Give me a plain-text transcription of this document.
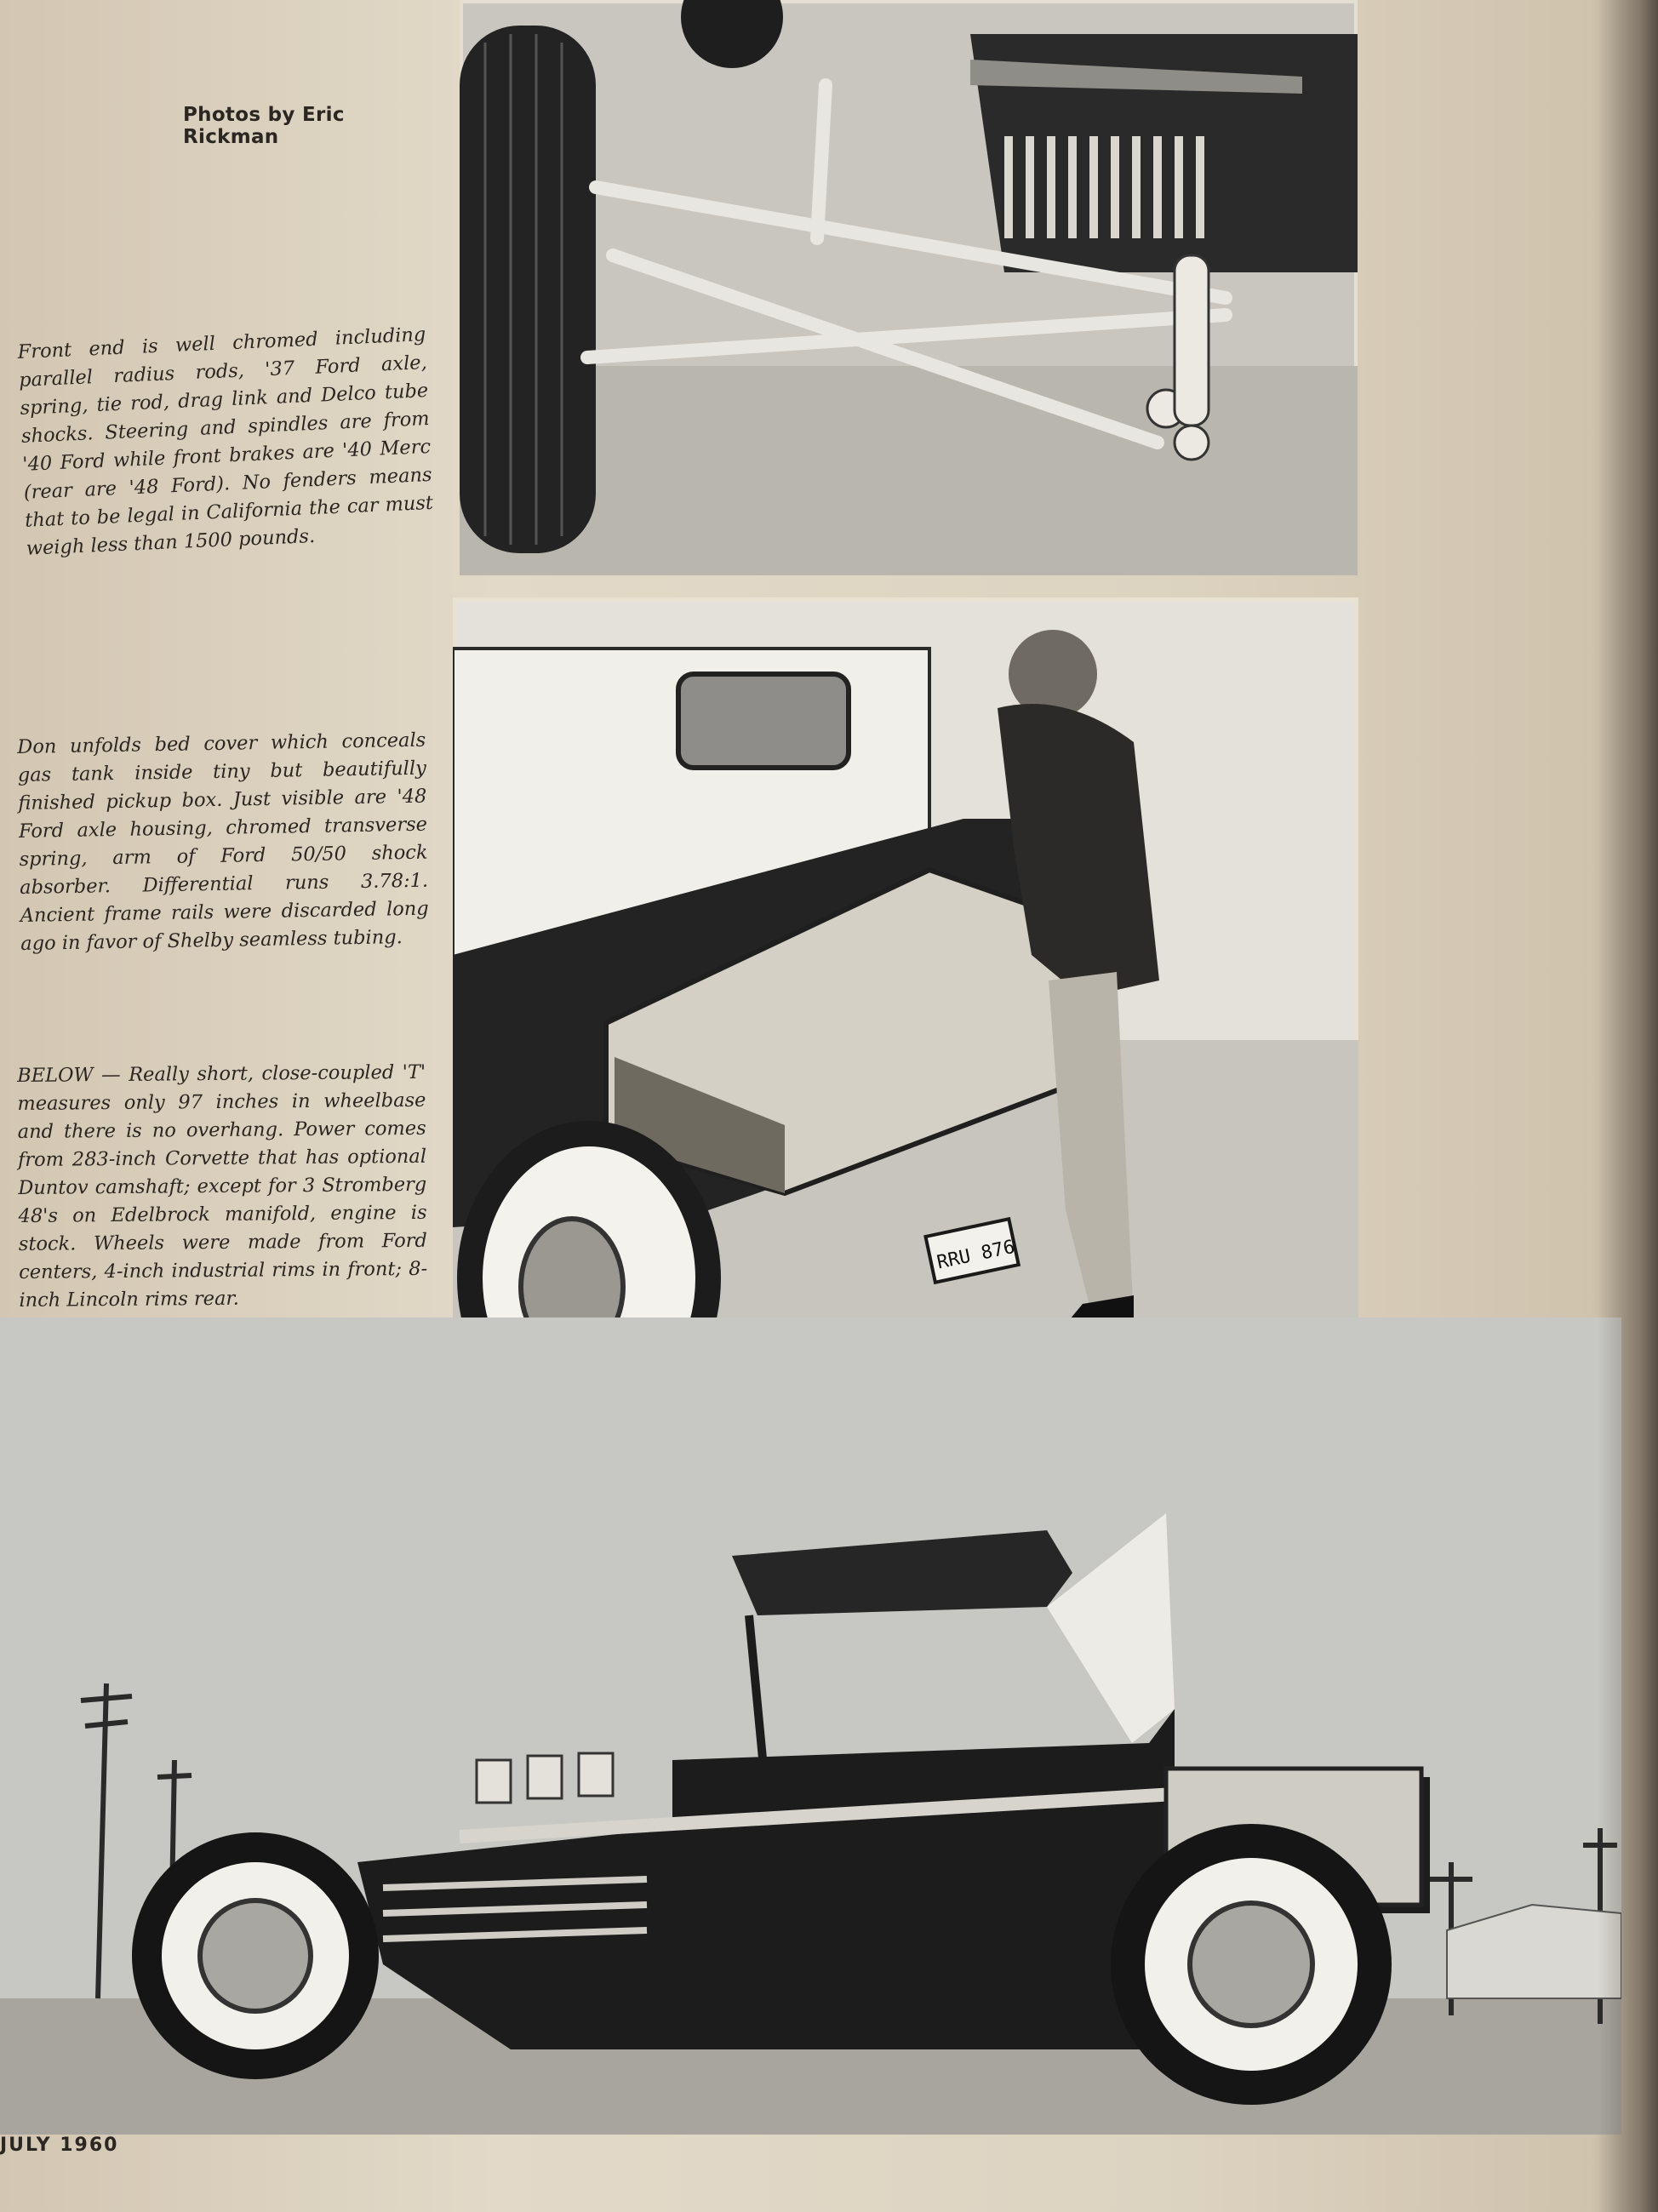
Photos by Eric Rickman
Front end is well chromed including parallel radius rods, '37 Ford axle, spring, tie rod, drag link and Delco tube shocks. Steering and spindles are from '40 Ford while front brakes are '40 Merc (rear are '48 Ford). No fenders means that to be legal in California the car must weigh less than 1500 pounds.
Don unfolds bed cover which conceals gas tank inside tiny but beautifully finished pickup box. Just visible are '48 Ford axle housing, chromed transverse spring, arm of Ford 50/50 shock absorber. Differential runs 3.78:1. Ancient frame rails were discarded long ago in favor of Shelby seamless tubing.
BELOW — Really short, close-coupled 'T' measures only 97 inches in wheelbase and there is no overhang. Power comes from 283-inch Corvette that has optional Duntov camshaft; except for 3 Stromberg 48's on Edelbrock manifold, engine is stock. Wheels were made from Ford centers, 4-inch industrial rims in front; 8-inch Lincoln rims rear.
RRU 876
JULY 1960
